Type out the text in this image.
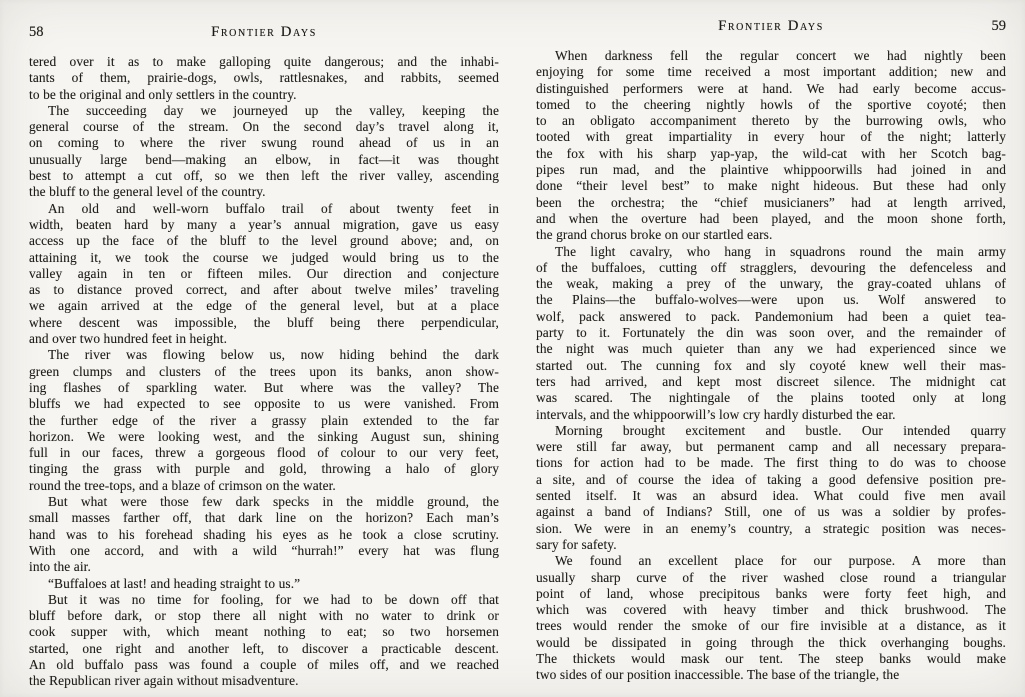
58	Frontier Days
tered over it as to make galloping quite dangerous; and the inhabi-
tants of them, prairie-dogs, owls, rattlesnakes, and rabbits, seemed
to be the original and only settlers in the country.
The succeeding day we journeyed up the valley, keeping the
general course of the stream. On the second day’s travel along it,
on coming to where the river swung round ahead of us in an
unusually large bend—making an elbow, in fact—it was thought
best to attempt a cut off, so we then left the river valley, ascending
the bluff to the general level of the country.
An old and well-worn buffalo trail of about twenty feet in
width, beaten hard by many a year’s annual migration, gave us easy
access up the face of the bluff to the level ground above; and, on
attaining it, we took the course we judged would bring us to the
valley again in ten or fifteen miles. Our direction and conjecture
as to distance proved correct, and after about twelve miles’ traveling
we again arrived at the edge of the general level, but at a place
where descent was impossible, the bluff being there perpendicular,
and over two hundred feet in height.
The river was flowing below us, now hiding behind the dark
green clumps and clusters of the trees upon its banks, anon show-
ing flashes of sparkling water. But where was the valley? The
bluffs we had expected to see opposite to us were vanished. From
the further edge of the river a grassy plain extended to the far
horizon. We were looking west, and the sinking August sun, shining
full in our faces, threw a gorgeous flood of colour to our very feet,
tinging the grass with purple and gold, throwing a halo of glory
round the tree-tops, and a blaze of crimson on the water.
But what were those few dark specks in the middle ground, the
small masses farther off, that dark line on the horizon? Each man’s
hand was to his forehead shading his eyes as he took a close scrutiny.
With one accord, and with a wild “hurrah!” every hat was flung
into the air.
“Buffaloes at last! and heading straight to us.”
But it was no time for fooling, for we had to be down off that
bluff before dark, or stop there all night with no water to drink or
cook supper with, which meant nothing to eat; so two horsemen
started, one right and another left, to discover a practicable descent.
An old buffalo pass was found a couple of miles off, and we reached
the Republican river again without misadventure.
Frontier Days	59
When darkness fell the regular concert we had nightly been
enjoying for some time received a most important addition; new and
distinguished performers were at hand. We had early become accus-
tomed to the cheering nightly howls of the sportive coyoté; then
to an obligato accompaniment thereto by the burrowing owls, who
tooted with great impartiality in every hour of the night; latterly
the fox with his sharp yap-yap, the wild-cat with her Scotch bag-
pipes run mad, and the plaintive whippoorwills had joined in and
done “their level best” to make night hideous. But these had only
been the orchestra; the “chief musicianers” had at length arrived,
and when the overture had been played, and the moon shone forth,
the grand chorus broke on our startled ears.
The light cavalry, who hang in squadrons round the main army
of the buffaloes, cutting off stragglers, devouring the defenceless and
the weak, making a prey of the unwary, the gray-coated uhlans of
the Plains—the buffalo-wolves—were upon us. Wolf answered to
wolf, pack answered to pack. Pandemonium had been a quiet tea-
party to it. Fortunately the din was soon over, and the remainder of
the night was much quieter than any we had experienced since we
started out. The cunning fox and sly coyoté knew well their mas-
ters had arrived, and kept most discreet silence. The midnight cat
was scared. The nightingale of the plains tooted only at long
intervals, and the whippoorwill’s low cry hardly disturbed the ear.
Morning brought excitement and bustle. Our intended quarry
were still far away, but permanent camp and all necessary prepara-
tions for action had to be made. The first thing to do was to choose
a site, and of course the idea of taking a good defensive position pre-
sented itself. It was an absurd idea. What could five men avail
against a band of Indians? Still, one of us was a soldier by profes-
sion. We were in an enemy’s country, a strategic position was neces-
sary for safety.
We found an excellent place for our purpose. A more than
usually sharp curve of the river washed close round a triangular
point of land, whose precipitous banks were forty feet high, and
which was covered with heavy timber and thick brushwood. The
trees would render the smoke of our fire invisible at a distance, as it
would be dissipated in going through the thick overhanging boughs.
The thickets would mask our tent. The steep banks would make
two sides of our position inaccessible. The base of the triangle, the
